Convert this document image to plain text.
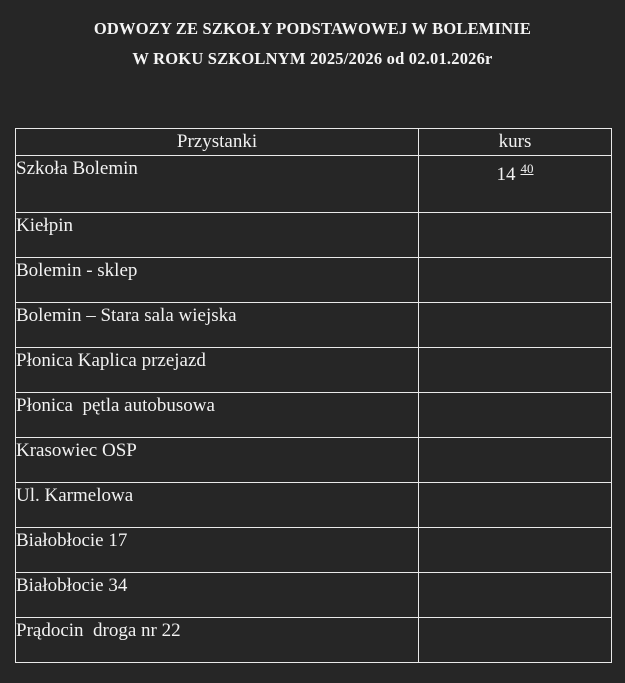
ODWOZY ZE SZKOŁY PODSTAWOWEJ W BOLEMINIE
W ROKU SZKOLNYM 2025/2026 od 02.01.2026r
Przystanki	kurs
Szkoła Bolemin	14 $^{40}$
Kiełpin	
Bolemin - sklep	
Bolemin – Stara sala wiejska	
Płonica Kaplica przejazd	
Płonica  pętla autobusowa	
Krasowiec OSP	
Ul. Karmelowa	
Białobłocie 17	
Białobłocie 34	
Prądocin  droga nr 22	
